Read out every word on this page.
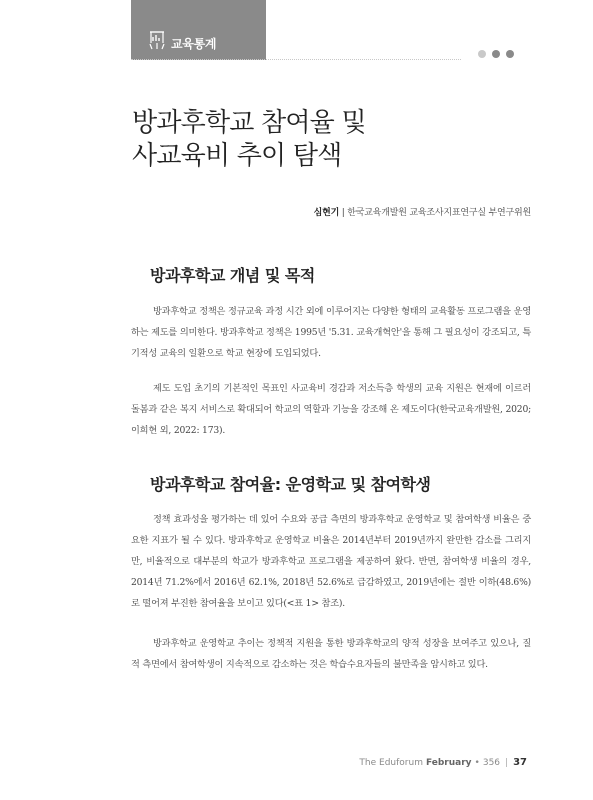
교육통계
방과후학교 참여율 및
사교육비 추이 탐색
심현기 | 한국교육개발원 교육조사지표연구실 부연구위원
방과후학교 개념 및 목적

방과후학교 정책은 정규교육 과정 시간 외에 이루어지는 다양한 형태의 교육활동 프로그램을 운영하는 제도를 의미한다. 방과후학교 정책은 1995년 '5.31. 교육개혁안'을 통해 그 필요성이 강조되고, 특기적성 교육의 일환으로 학교 현장에 도입되었다.

제도 도입 초기의 기본적인 목표인 사교육비 경감과 저소득층 학생의 교육 지원은 현재에 이르러 돌봄과 같은 복지 서비스로 확대되어 학교의 역할과 기능을 강조해 온 제도이다(한국교육개발원, 2020; 이희현 외, 2022: 173).

방과후학교 참여율: 운영학교 및 참여학생

정책 효과성을 평가하는 데 있어 수요와 공급 측면의 방과후학교 운영학교 및 참여학생 비율은 중요한 지표가 될 수 있다. 방과후학교 운영학교 비율은 2014년부터 2019년까지 완만한 감소를 그리지만, 비율적으로 대부분의 학교가 방과후학교 프로그램을 제공하여 왔다. 반면, 참여학생 비율의 경우, 2014년 71.2%에서 2016년 62.1%, 2018년 52.6%로 급감하였고, 2019년에는 절반 이하(48.6%)로 떨어져 부진한 참여율을 보이고 있다(<표 1> 참조).

방과후학교 운영학교 추이는 정책적 지원을 통한 방과후학교의 양적 성장을 보여주고 있으나, 질적 측면에서 참여학생이 지속적으로 감소하는 것은 학습수요자들의 불만족을 암시하고 있다.

The Eduforum February • 356 | 37
